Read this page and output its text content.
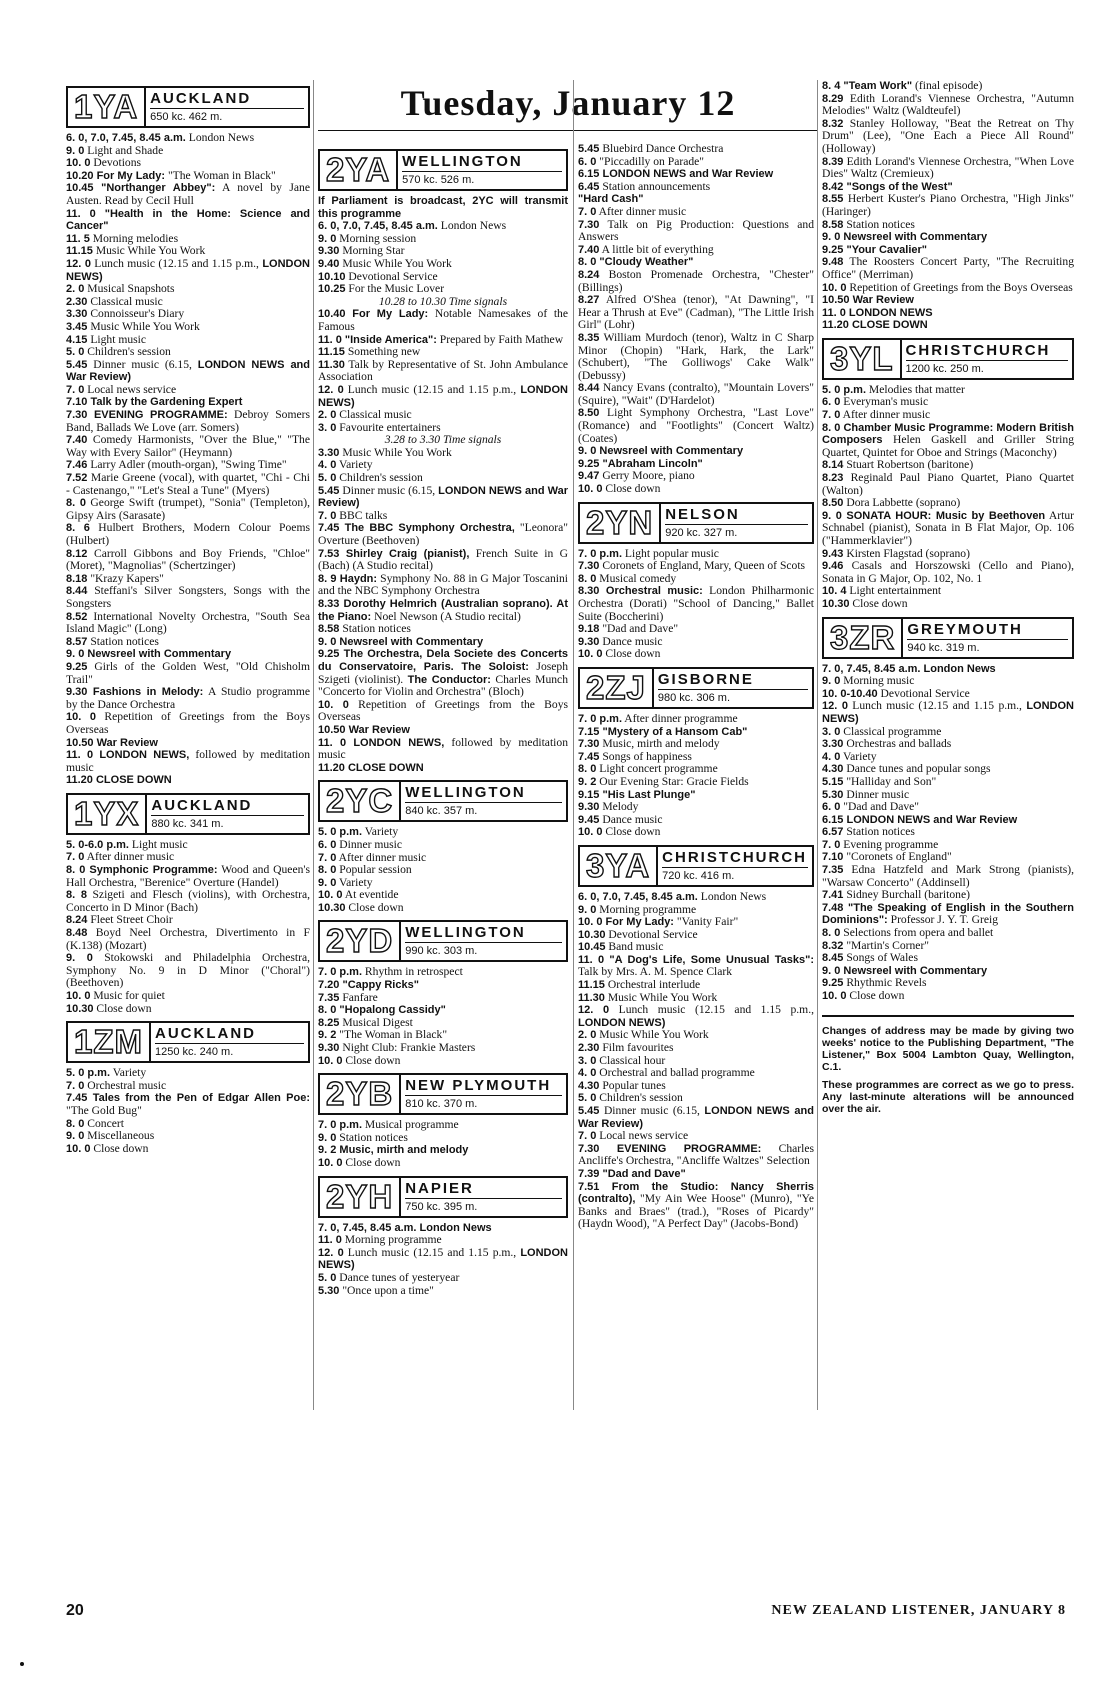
Tuesday, January 12
1YA AUCKLAND
650 kc. 462 m.

6. 0, 7.0, 7.45, 8.45 a.m. London News

9. 0 Light and Shade

10. 0 Devotions

10.20 For My Lady: "The Woman in Black"

10.45 "Northanger Abbey": A novel by Jane Austen. Read by Cecil Hull

11. 0 "Health in the Home: Science and Cancer"

11. 5 Morning melodies

11.15 Music While You Work

12. 0 Lunch music (12.15 and 1.15 p.m., LONDON NEWS)

2. 0 Musical Snapshots

2.30 Classical music

3.30 Connoisseur's Diary

3.45 Music While You Work

4.15 Light music

5. 0 Children's session

5.45 Dinner music (6.15, LONDON NEWS and War Review)

7. 0 Local news service

7.10 Talk by the Gardening Expert

7.30 EVENING PROGRAMME: Debroy Somers Band, Ballads We Love (arr. Somers)

7.40 Comedy Harmonists, "Over the Blue," "The Way with Every Sailor" (Heymann)

7.46 Larry Adler (mouth-organ), "Swing Time"

7.52 Marie Greene (vocal), with quartet, "Chi - Chi - Castenango," "Let's Steal a Tune" (Myers)

8. 0 George Swift (trumpet), "Sonia" (Templeton), Gipsy Airs (Sarasate)

8. 6 Hulbert Brothers, Modern Colour Poems (Hulbert)

8.12 Carroll Gibbons and Boy Friends, "Chloe" (Moret), "Magnolias" (Schertzinger)

8.18 "Krazy Kapers"

8.44 Steffani's Silver Songsters, Songs with the Songsters

8.52 International Novelty Orchestra, "South Sea Island Magic" (Long)

8.57 Station notices

9. 0 Newsreel with Commentary

9.25 Girls of the Golden West, "Old Chisholm Trail"

9.30 Fashions in Melody: A Studio programme by the Dance Orchestra

10. 0 Repetition of Greetings from the Boys Overseas

10.50 War Review

11. 0 LONDON NEWS, followed by meditation music

11.20 CLOSE DOWN

1YX AUCKLAND
880 kc. 341 m.

5. 0-6.0 p.m. Light music

7. 0 After dinner music

8. 0 Symphonic Programme: Wood and Queen's Hall Orchestra, "Berenice" Overture (Handel)

8. 8 Szigeti and Flesch (violins), with Orchestra, Concerto in D Minor (Bach)

8.24 Fleet Street Choir

8.48 Boyd Neel Orchestra, Divertimento in F (K.138) (Mozart)

9. 0 Stokowski and Philadelphia Orchestra, Symphony No. 9 in D Minor ("Choral") (Beethoven)

10. 0 Music for quiet

10.30 Close down

1ZM AUCKLAND
1250 kc. 240 m.

5. 0 p.m. Variety

7. 0 Orchestral music

7.45 Tales from the Pen of Edgar Allen Poe: "The Gold Bug"

8. 0 Concert

9. 0 Miscellaneous

10. 0 Close down

2YA WELLINGTON
570 kc. 526 m.

If Parliament is broadcast, 2YC will transmit this programme

6. 0, 7.0, 7.45, 8.45 a.m. London News

9. 0 Morning session

9.30 Morning Star

9.40 Music While You Work

10.10 Devotional Service

10.25 For the Music Lover

10.28 to 10.30 Time signals

10.40 For My Lady: Notable Namesakes of the Famous

11. 0 "Inside America": Prepared by Faith Mathew

11.15 Something new

11.30 Talk by Representative of St. John Ambulance Association

12. 0 Lunch music (12.15 and 1.15 p.m., LONDON NEWS)

2. 0 Classical music

3. 0 Favourite entertainers

3.28 to 3.30 Time signals

3.30 Music While You Work

4. 0 Variety

5. 0 Children's session

5.45 Dinner music (6.15, LONDON NEWS and War Review)

7. 0 BBC talks

7.45 The BBC Symphony Orchestra, "Leonora" Overture (Beethoven)

7.53 Shirley Craig (pianist), French Suite in G (Bach) (A Studio recital)

8. 9 Haydn: Symphony No. 88 in G Major Toscanini and the NBC Symphony Orchestra

8.33 Dorothy Helmrich (Australian soprano). At the Piano: Noel Newson (A Studio recital)

8.58 Station notices

9. 0 Newsreel with Commentary

9.25 The Orchestra, Dela Societe des Concerts du Conservatoire, Paris. The Soloist: Joseph Szigeti (violinist). The Conductor: Charles Munch "Concerto for Violin and Orchestra" (Bloch)

10. 0 Repetition of Greetings from the Boys Overseas

10.50 War Review

11. 0 LONDON NEWS, followed by meditation music

11.20 CLOSE DOWN

2YC WELLINGTON
840 kc. 357 m.

5. 0 p.m. Variety

6. 0 Dinner music

7. 0 After dinner music

8. 0 Popular session

9. 0 Variety

10. 0 At eventide

10.30 Close down

2YD WELLINGTON
990 kc. 303 m.

7. 0 p.m. Rhythm in retrospect

7.20 "Cappy Ricks"

7.35 Fanfare

8. 0 "Hopalong Cassidy"

8.25 Musical Digest

9. 2 "The Woman in Black"

9.30 Night Club: Frankie Masters

10. 0 Close down

2YB NEW PLYMOUTH
810 kc. 370 m.

7. 0 p.m. Musical programme

9. 0 Station notices

9. 2 Music, mirth and melody

10. 0 Close down

2YH NAPIER
750 kc. 395 m.

7. 0, 7.45, 8.45 a.m. London News

11. 0 Morning programme

12. 0 Lunch music (12.15 and 1.15 p.m., LONDON NEWS)

5. 0 Dance tunes of yesteryear

5.30 "Once upon a time"

5.45 Bluebird Dance Orchestra

6. 0 "Piccadilly on Parade"

6.15 LONDON NEWS and War Review

6.45 Station announcements

"Hard Cash"

7. 0 After dinner music

7.30 Talk on Pig Production: Questions and Answers

7.40 A little bit of everything

8. 0 "Cloudy Weather"

8.24 Boston Promenade Orchestra, "Chester" (Billings)

8.27 Alfred O'Shea (tenor), "At Dawning", "I Hear a Thrush at Eve" (Cadman), "The Little Irish Girl" (Lohr)

8.35 William Murdoch (tenor), Waltz in C Sharp Minor (Chopin) "Hark, Hark, the Lark" (Schubert), "The Golliwogs' Cake Walk" (Debussy)

8.44 Nancy Evans (contralto), "Mountain Lovers" (Squire), "Wait" (D'Hardelot)

8.50 Light Symphony Orchestra, "Last Love" (Romance) and "Footlights" (Concert Waltz) (Coates)

9. 0 Newsreel with Commentary

9.25 "Abraham Lincoln"

9.47 Gerry Moore, piano

10. 0 Close down

2YN NELSON
920 kc. 327 m.

7. 0 p.m. Light popular music

7.30 Coronets of England, Mary, Queen of Scots

8. 0 Musical comedy

8.30 Orchestral music: London Philharmonic Orchestra (Dorati) "School of Dancing," Ballet Suite (Boccherini)

9.18 "Dad and Dave"

9.30 Dance music

10. 0 Close down

2ZJ GISBORNE
980 kc. 306 m.

7. 0 p.m. After dinner programme

7.15 "Mystery of a Hansom Cab"

7.30 Music, mirth and melody

7.45 Songs of happiness

8. 0 Light concert programme

9. 2 Our Evening Star: Gracie Fields

9.15 "His Last Plunge"

9.30 Melody

9.45 Dance music

10. 0 Close down

3YA CHRISTCHURCH
720 kc. 416 m.

6. 0, 7.0, 7.45, 8.45 a.m. London News

9. 0 Morning programme

10. 0 For My Lady: "Vanity Fair"

10.30 Devotional Service

10.45 Band music

11. 0 "A Dog's Life, Some Unusual Tasks": Talk by Mrs. A. M. Spence Clark

11.15 Orchestral interlude

11.30 Music While You Work

12. 0 Lunch music (12.15 and 1.15 p.m., LONDON NEWS)

2. 0 Music While You Work

2.30 Film favourites

3. 0 Classical hour

4. 0 Orchestral and ballad programme

4.30 Popular tunes

5. 0 Children's session

5.45 Dinner music (6.15, LONDON NEWS and War Review)

7. 0 Local news service

7.30 EVENING PROGRAMME: Charles Ancliffe's Orchestra, "Ancliffe Waltzes" Selection

7.39 "Dad and Dave"

7.51 From the Studio: Nancy Sherris (contralto), "My Ain Wee Hoose" (Munro), "Ye Banks and Braes" (trad.), "Roses of Picardy" (Haydn Wood), "A Perfect Day" (Jacobs-Bond)

8. 4 "Team Work" (final episode)

8.29 Edith Lorand's Viennese Orchestra, "Autumn Melodies" Waltz (Waldteufel)

8.32 Stanley Holloway, "Beat the Retreat on Thy Drum" (Lee), "One Each a Piece All Round" (Holloway)

8.39 Edith Lorand's Viennese Orchestra, "When Love Dies" Waltz (Cremieux)

8.42 "Songs of the West"

8.55 Herbert Kuster's Piano Orchestra, "High Jinks" (Haringer)

8.58 Station notices

9. 0 Newsreel with Commentary

9.25 "Your Cavalier"

9.48 The Roosters Concert Party, "The Recruiting Office" (Merriman)

10. 0 Repetition of Greetings from the Boys Overseas

10.50 War Review

11. 0 LONDON NEWS

11.20 CLOSE DOWN

3YL CHRISTCHURCH
1200 kc. 250 m.

5. 0 p.m. Melodies that matter

6. 0 Everyman's music

7. 0 After dinner music

8. 0 Chamber Music Programme: Modern British Composers Helen Gaskell and Griller String Quartet, Quintet for Oboe and Strings (Maconchy)

8.14 Stuart Robertson (baritone)

8.23 Reginald Paul Piano Quartet, Piano Quartet (Walton)

8.50 Dora Labbette (soprano)

9. 0 SONATA HOUR: Music by Beethoven Artur Schnabel (pianist), Sonata in B Flat Major, Op. 106 ("Hammerklavier")

9.43 Kirsten Flagstad (soprano)

9.46 Casals and Horszowski (Cello and Piano), Sonata in G Major, Op. 102, No. 1

10. 4 Light entertainment

10.30 Close down

3ZR GREYMOUTH
940 kc. 319 m.

7. 0, 7.45, 8.45 a.m. London News

9. 0 Morning music

10. 0-10.40 Devotional Service

12. 0 Lunch music (12.15 and 1.15 p.m., LONDON NEWS)

3. 0 Classical programme

3.30 Orchestras and ballads

4. 0 Variety

4.30 Dance tunes and popular songs

5.15 "Halliday and Son"

5.30 Dinner music

6. 0 "Dad and Dave"

6.15 LONDON NEWS and War Review

6.57 Station notices

7. 0 Evening programme

7.10 "Coronets of England"

7.35 Edna Hatzfeld and Mark Strong (pianists), "Warsaw Concerto" (Addinsell)

7.41 Sidney Burchall (baritone)

7.48 "The Speaking of English in the Southern Dominions": Professor J. Y. T. Greig

8. 0 Selections from opera and ballet

8.32 "Martin's Corner"

8.45 Songs of Wales

9. 0 Newsreel with Commentary

9.25 Rhythmic Revels

10. 0 Close down

Changes of address may be made by giving two weeks' notice to the Publishing Department, "The Listener," Box 5004 Lambton Quay, Wellington, C.1.

These programmes are correct as we go to press. Any last-minute alterations will be announced over the air.

20	NEW ZEALAND LISTENER, JANUARY 8
